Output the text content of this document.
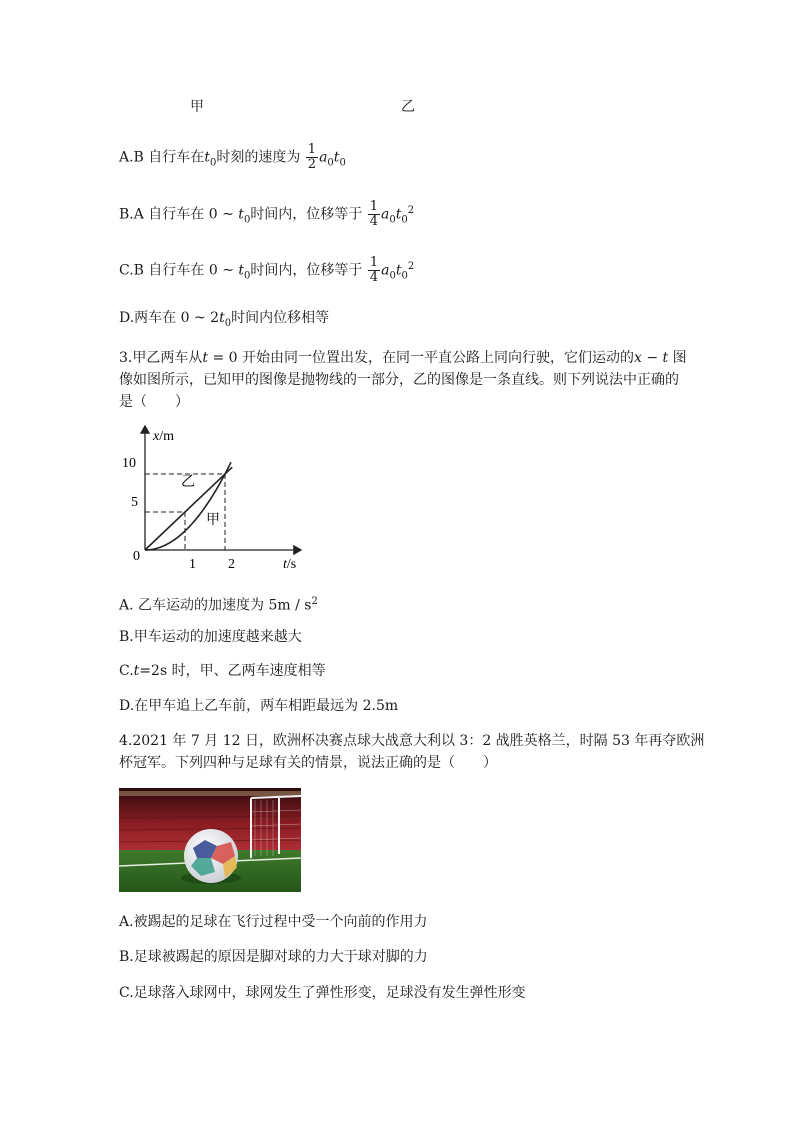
甲	乙
A.B 自行车在$t_0$时刻的速度为 $\frac{1}{2} a_0t_0$
B.A 自行车在 0 ~ $t_0$时间内，位移等于 $\frac{1}{4} a_0t_0^2$
C.B 自行车在 0 ~ $t_0$时间内，位移等于 $\frac{1}{4} a_0t_0^2$
D.两车在 0 ~ $2t_0$时间内位移相等
3.甲乙两车从t = 0 开始由同一位置出发，在同一平直公路上同向行驶，它们运动的x − t 图
像如图所示，已知甲的图像是抛物线的一部分，乙的图像是一条直线。则下列说法中正确的
是（　　）
x/m
t/s
0
5
10
1 2
乙
甲
A. 乙车运动的加速度为 $5m / s^2$
B.甲车运动的加速度越来越大
C.t=2s 时，甲、乙两车速度相等
D.在甲车追上乙车前，两车相距最远为 2.5m
4.2021 年 7 月 12 日，欧洲杯决赛点球大战意大利以 3：2 战胜英格兰，时隔 53 年再夺欧洲
杯冠军。下列四种与足球有关的情景，说法正确的是（　　）
A.被踢起的足球在飞行过程中受一个向前的作用力
B.足球被踢起的原因是脚对球的力大于球对脚的力
C.足球落入球网中，球网发生了弹性形变，足球没有发生弹性形变
